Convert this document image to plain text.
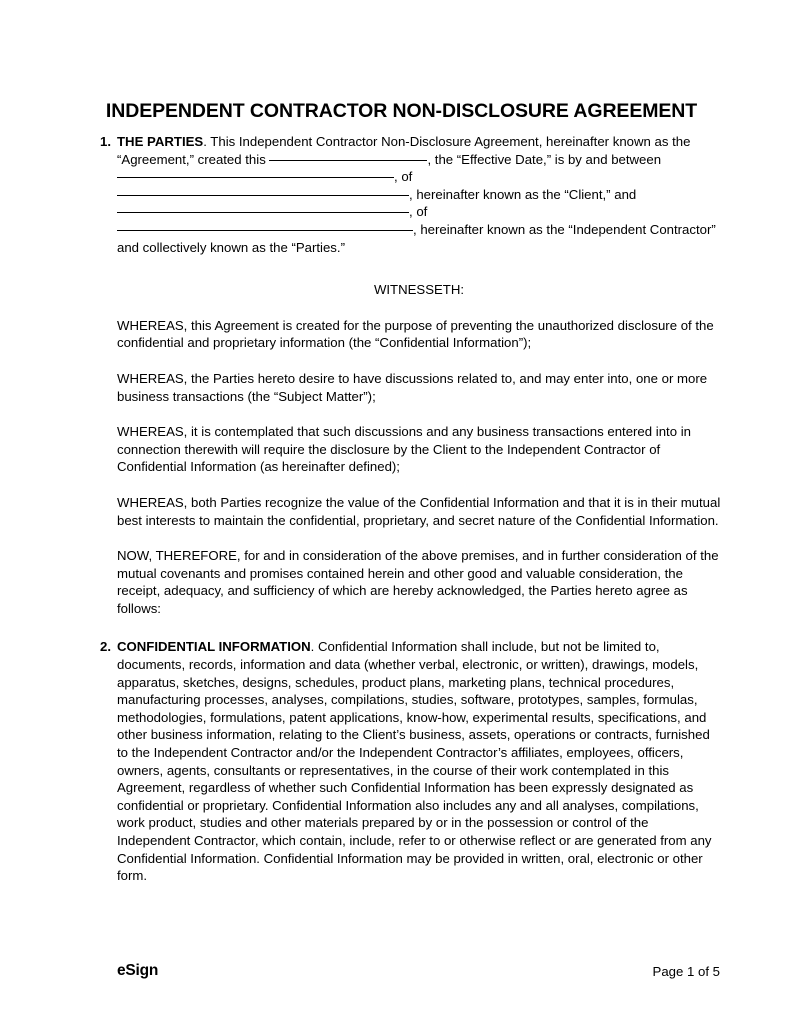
INDEPENDENT CONTRACTOR NON-DISCLOSURE AGREEMENT
1. THE PARTIES. This Independent Contractor Non-Disclosure Agreement, hereinafter known as the “Agreement,” created this	, the “Effective Date,” is by and between , of
, hereinafter known as the “Client,” and
, of , hereinafter known as the “Independent Contractor” and collectively known as the “Parties.”
WITNESSETH:

WHEREAS, this Agreement is created for the purpose of preventing the unauthorized disclosure of the confidential and proprietary information (the “Confidential Information”);

WHEREAS, the Parties hereto desire to have discussions related to, and may enter into, one or more business transactions (the “Subject Matter”);

WHEREAS, it is contemplated that such discussions and any business transactions entered into in connection therewith will require the disclosure by the Client to the Independent Contractor of Confidential Information (as hereinafter defined);

WHEREAS, both Parties recognize the value of the Confidential Information and that it is in their mutual best interests to maintain the confidential, proprietary, and secret nature of the Confidential Information.

NOW, THEREFORE, for and in consideration of the above premises, and in further consideration of the mutual covenants and promises contained herein and other good and valuable consideration, the receipt, adequacy, and sufficiency of which are hereby acknowledged, the Parties hereto agree as follows:

2. CONFIDENTIAL INFORMATION. Confidential Information shall include, but not be limited to, documents, records, information and data (whether verbal, electronic, or written), drawings, models, apparatus, sketches, designs, schedules, product plans, marketing plans, technical procedures, manufacturing processes, analyses, compilations, studies, software, prototypes, samples, formulas, methodologies, formulations, patent applications, know-how, experimental results, specifications, and other business information, relating to the Client’s business, assets, operations or contracts, furnished to the Independent Contractor and/or the Independent Contractor’s affiliates, employees, officers, owners, agents, consultants or representatives, in the course of their work contemplated in this Agreement, regardless of whether such Confidential Information has been expressly designated as confidential or proprietary. Confidential Information also includes any and all analyses, compilations, work product, studies and other materials prepared by or in the possession or control of the Independent Contractor, which contain, include, refer to or otherwise reflect or are generated from any Confidential Information. Confidential Information may be provided in written, oral, electronic or other form.
eSign	Page 1 of 5
